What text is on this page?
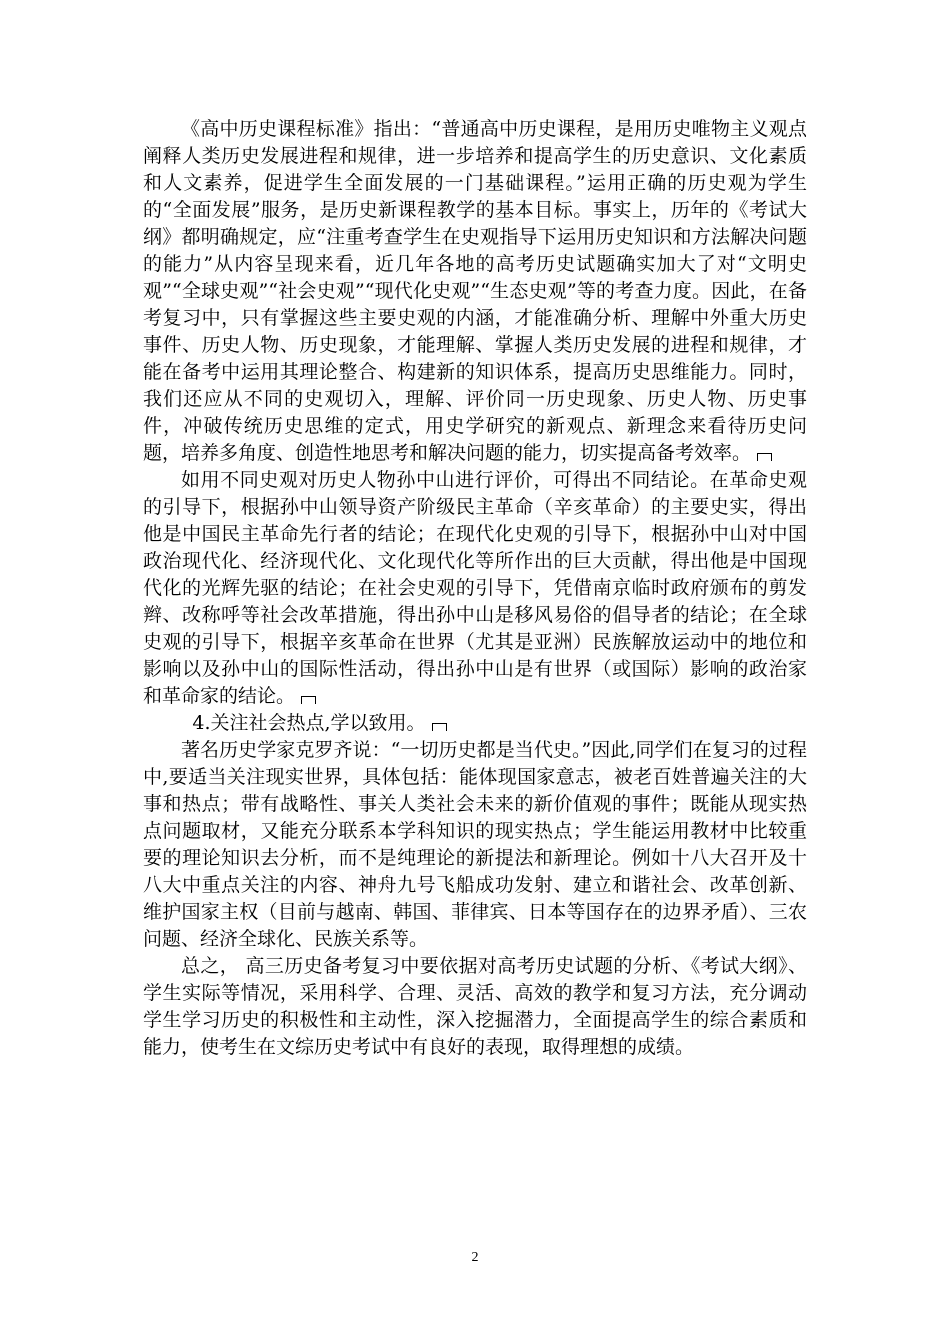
《高中历史课程标准》指出：“普通高中历史课程，是用历史唯物主义观点阐释人类历史发展进程和规律，进一步培养和提高学生的历史意识、文化素质和人文素养，促进学生全面发展的一门基础课程。”运用正确的历史观为学生的“全面发展”服务，是历史新课程教学的基本目标。事实上，历年的《考试大纲》都明确规定，应“注重考查学生在史观指导下运用历史知识和方法解决问题的能力”从内容呈现来看，近几年各地的高考历史试题确实加大了对“文明史观”“全球史观”“社会史观”“现代化史观”“生态史观”等的考查力度。因此，在备考复习中，只有掌握这些主要史观的内涵，才能准确分析、理解中外重大历史事件、历史人物、历史现象，才能理解、掌握人类历史发展的进程和规律，才能在备考中运用其理论整合、构建新的知识体系，提高历史思维能力。同时，我们还应从不同的史观切入，理解、评价同一历史现象、历史人物、历史事件，冲破传统历史思维的定式，用史学研究的新观点、新理念来看待历史问题，培养多角度、创造性地思考和解决问题的能力，切实提高备考效率。

如用不同史观对历史人物孙中山进行评价，可得出不同结论。在革命史观的引导下，根据孙中山领导资产阶级民主革命（辛亥革命）的主要史实，得出他是中国民主革命先行者的结论；在现代化史观的引导下，根据孙中山对中国政治现代化、经济现代化、文化现代化等所作出的巨大贡献，得出他是中国现代化的光辉先驱的结论；在社会史观的引导下，凭借南京临时政府颁布的剪发辫、改称呼等社会改革措施，得出孙中山是移风易俗的倡导者的结论；在全球史观的引导下，根据辛亥革命在世界（尤其是亚洲）民族解放运动中的地位和影响以及孙中山的国际性活动，得出孙中山是有世界（或国际）影响的政治家和革命家的结论。

4.关注社会热点,学以致用。

著名历史学家克罗齐说：“一切历史都是当代史。”因此,同学们在复习的过程中,要适当关注现实世界，具体包括：能体现国家意志，被老百姓普遍关注的大事和热点；带有战略性、事关人类社会未来的新价值观的事件；既能从现实热点问题取材，又能充分联系本学科知识的现实热点；学生能运用教材中比较重要的理论知识去分析，而不是纯理论的新提法和新理论。例如十八大召开及十八大中重点关注的内容、神舟九号飞船成功发射、建立和谐社会、改革创新、维护国家主权（目前与越南、韩国、菲律宾、日本等国存在的边界矛盾）、三农问题、经济全球化、民族关系等。

总之， 高三历史备考复习中要依据对高考历史试题的分析、《考试大纲》、学生实际等情况，采用科学、合理、灵活、高效的教学和复习方法，充分调动学生学习历史的积极性和主动性，深入挖掘潜力，全面提高学生的综合素质和能力，使考生在文综历史考试中有良好的表现，取得理想的成绩。

2
